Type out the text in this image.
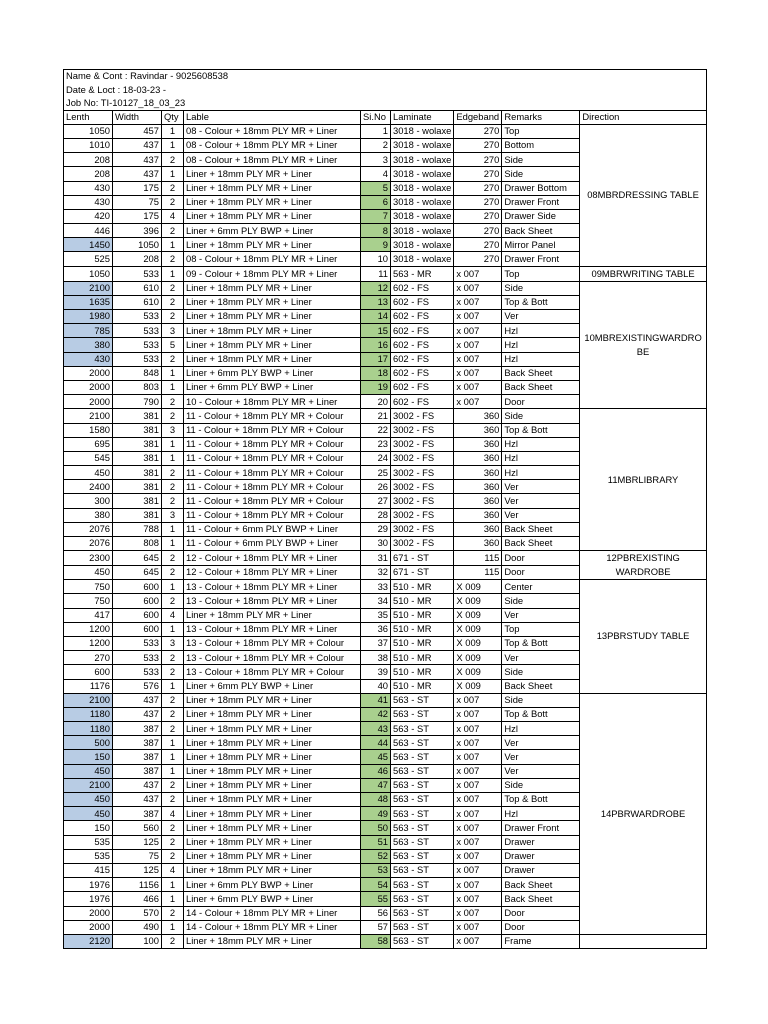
Name & Cont : Ravindar - 9025608538								
Date & Loct : 18-03-23 -								
Job No: TI-10127_18_03_23								
Lenth	Width	Qty	Lable	Si.No	Laminate	Edgeband	Remarks	Direction
1050	457	1	08 - Colour + 18mm PLY MR + Liner	1	3018 - wolaxe	270	Top	08MBRDRESSING TABLE
1010	437	1	08 - Colour + 18mm PLY MR + Liner	2	3018 - wolaxe	270	Bottom	
208	437	2	08 - Colour + 18mm PLY MR + Liner	3	3018 - wolaxe	270	Side	
208	437	1	Liner + 18mm PLY MR + Liner	4	3018 - wolaxe	270	Side	
430	175	2	Liner + 18mm PLY MR + Liner	5	3018 - wolaxe	270	Drawer Bottom	
430	75	2	Liner + 18mm PLY MR + Liner	6	3018 - wolaxe	270	Drawer Front	
420	175	4	Liner + 18mm PLY MR + Liner	7	3018 - wolaxe	270	Drawer Side	
446	396	2	Liner + 6mm PLY BWP + Liner	8	3018 - wolaxe	270	Back Sheet	
1450	1050	1	Liner + 18mm PLY MR + Liner	9	3018 - wolaxe	270	Mirror Panel	
525	208	2	08 - Colour + 18mm PLY MR + Liner	10	3018 - wolaxe	270	Drawer Front	
1050	533	1	09 - Colour + 18mm PLY MR + Liner	11	563 - MR	x 007	Top	09MBRWRITING TABLE
2100	610	2	Liner + 18mm PLY MR + Liner	12	602 - FS	x 007	Side	10MBREXISTINGWARDRO BE
1635	610	2	Liner + 18mm PLY MR + Liner	13	602 - FS	x 007	Top & Bott	
1980	533	2	Liner + 18mm PLY MR + Liner	14	602 - FS	x 007	Ver	
785	533	3	Liner + 18mm PLY MR + Liner	15	602 - FS	x 007	Hzl	
380	533	5	Liner + 18mm PLY MR + Liner	16	602 - FS	x 007	Hzl	
430	533	2	Liner + 18mm PLY MR + Liner	17	602 - FS	x 007	Hzl	
2000	848	1	Liner + 6mm PLY BWP + Liner	18	602 - FS	x 007	Back Sheet	
2000	803	1	Liner + 6mm PLY BWP + Liner	19	602 - FS	x 007	Back Sheet	
2000	790	2	10 - Colour + 18mm PLY MR + Liner	20	602 - FS	x 007	Door	
2100	381	2	11 - Colour + 18mm PLY MR + Colour	21	3002 - FS	360	Side	11MBRLIBRARY
1580	381	3	11 - Colour + 18mm PLY MR + Colour	22	3002 - FS	360	Top & Bott	
695	381	1	11 - Colour + 18mm PLY MR + Colour	23	3002 - FS	360	Hzl	
545	381	1	11 - Colour + 18mm PLY MR + Colour	24	3002 - FS	360	Hzl	
450	381	2	11 - Colour + 18mm PLY MR + Colour	25	3002 - FS	360	Hzl	
2400	381	2	11 - Colour + 18mm PLY MR + Colour	26	3002 - FS	360	Ver	
300	381	2	11 - Colour + 18mm PLY MR + Colour	27	3002 - FS	360	Ver	
380	381	3	11 - Colour + 18mm PLY MR + Colour	28	3002 - FS	360	Ver	
2076	788	1	11 - Colour + 6mm PLY BWP + Liner	29	3002 - FS	360	Back Sheet	
2076	808	1	11 - Colour + 6mm PLY BWP + Liner	30	3002 - FS	360	Back Sheet	
2300	645	2	12 - Colour + 18mm PLY MR + Liner	31	671 - ST	115	Door	12PBREXISTING WARDROBE
450	645	2	12 - Colour + 18mm PLY MR + Liner	32	671 - ST	115	Door	
750	600	1	13 - Colour + 18mm PLY MR + Liner	33	510 - MR	X 009	Center	13PBRSTUDY TABLE
750	600	2	13 - Colour + 18mm PLY MR + Liner	34	510 - MR	X 009	Side	
417	600	4	Liner + 18mm PLY MR + Liner	35	510 - MR	X 009	Ver	
1200	600	1	13 - Colour + 18mm PLY MR + Liner	36	510 - MR	X 009	Top	
1200	533	3	13 - Colour + 18mm PLY MR + Colour	37	510 - MR	X 009	Top & Bott	
270	533	2	13 - Colour + 18mm PLY MR + Colour	38	510 - MR	X 009	Ver	
600	533	2	13 - Colour + 18mm PLY MR + Colour	39	510 - MR	X 009	Side	
1176	576	1	Liner + 6mm PLY BWP + Liner	40	510 - MR	X 009	Back Sheet	
2100	437	2	Liner + 18mm PLY MR + Liner	41	563 - ST	x 007	Side	14PBRWARDROBE
1180	437	2	Liner + 18mm PLY MR + Liner	42	563 - ST	x 007	Top & Bott	
1180	387	2	Liner + 18mm PLY MR + Liner	43	563 - ST	x 007	Hzl	
500	387	1	Liner + 18mm PLY MR + Liner	44	563 - ST	x 007	Ver	
150	387	1	Liner + 18mm PLY MR + Liner	45	563 - ST	x 007	Ver	
450	387	1	Liner + 18mm PLY MR + Liner	46	563 - ST	x 007	Ver	
2100	437	2	Liner + 18mm PLY MR + Liner	47	563 - ST	x 007	Side	
450	437	2	Liner + 18mm PLY MR + Liner	48	563 - ST	x 007	Top & Bott	
450	387	4	Liner + 18mm PLY MR + Liner	49	563 - ST	x 007	Hzl	
150	560	2	Liner + 18mm PLY MR + Liner	50	563 - ST	x 007	Drawer Front	
535	125	2	Liner + 18mm PLY MR + Liner	51	563 - ST	x 007	Drawer	
535	75	2	Liner + 18mm PLY MR + Liner	52	563 - ST	x 007	Drawer	
415	125	4	Liner + 18mm PLY MR + Liner	53	563 - ST	x 007	Drawer	
1976	1156	1	Liner + 6mm PLY BWP + Liner	54	563 - ST	x 007	Back Sheet	
1976	466	1	Liner + 6mm PLY BWP + Liner	55	563 - ST	x 007	Back Sheet	
2000	570	2	14 - Colour + 18mm PLY MR + Liner	56	563 - ST	x 007	Door	
2000	490	1	14 - Colour + 18mm PLY MR + Liner	57	563 - ST	x 007	Door	
2120	100	2	Liner + 18mm PLY MR + Liner	58	563 - ST	x 007	Frame	
